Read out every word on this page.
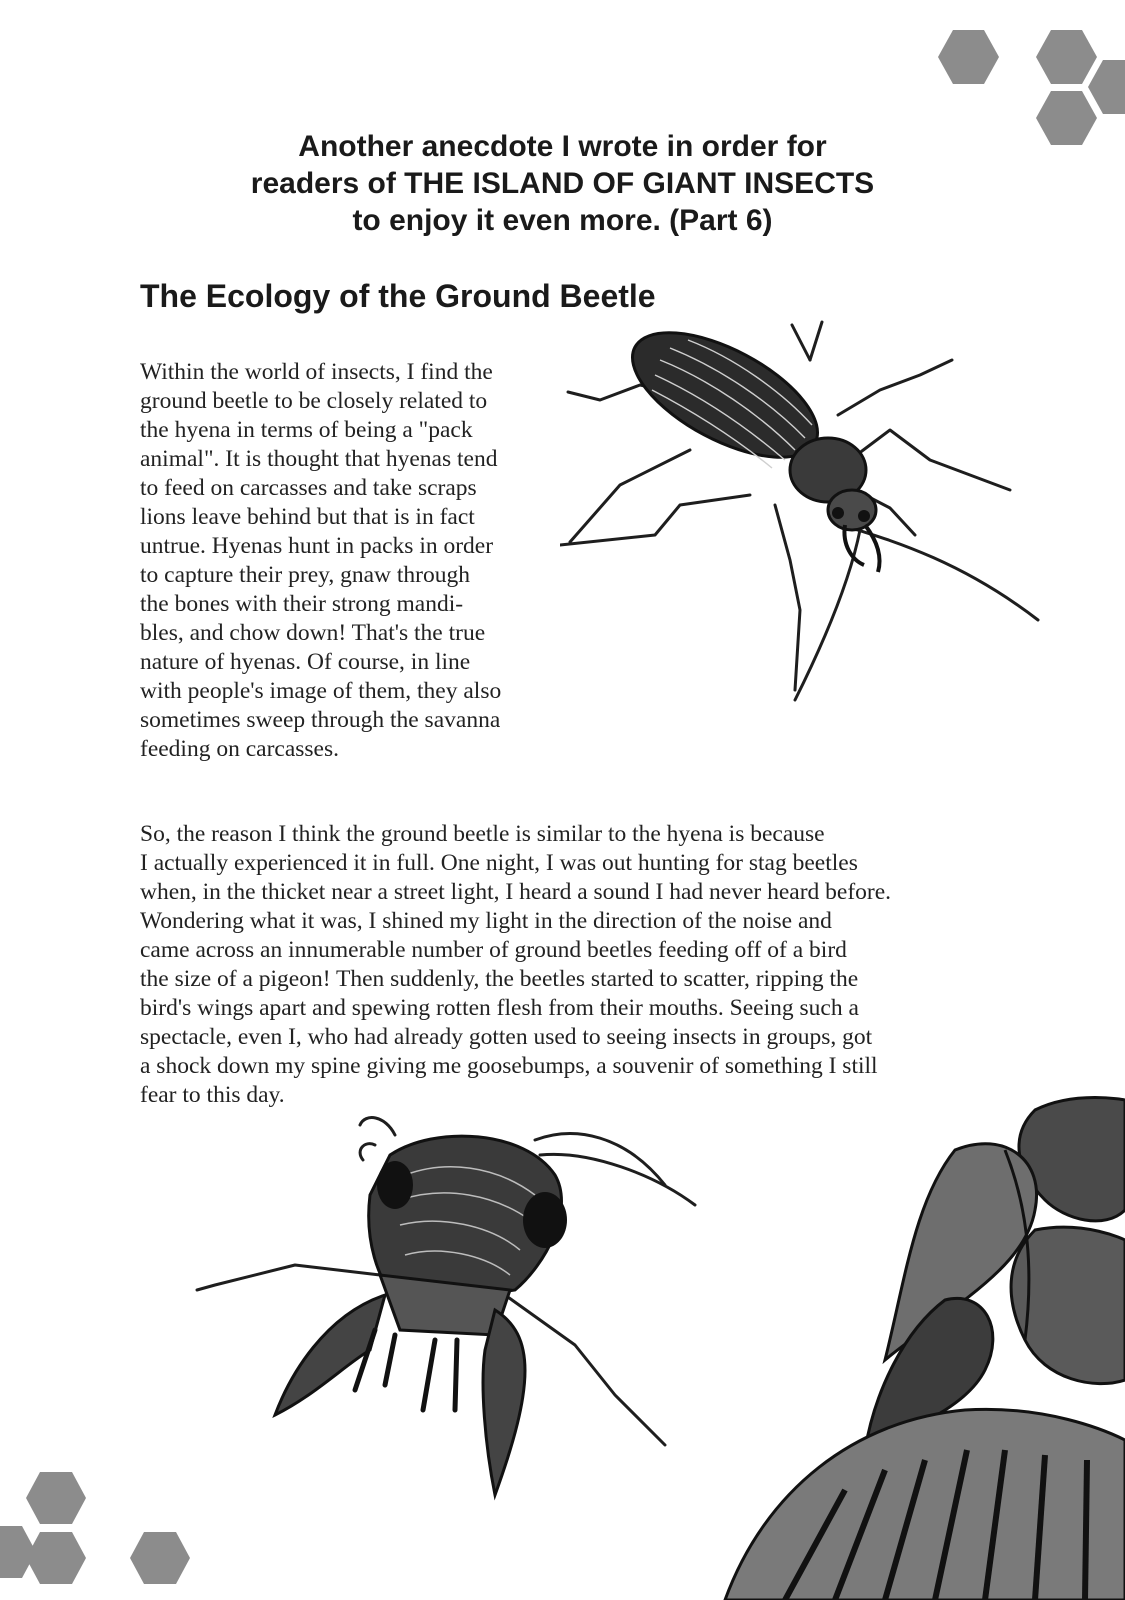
Another anecdote I wrote in order for
readers of THE ISLAND OF GIANT INSECTS
to enjoy it even more. (Part 6)
The Ecology of the Ground Beetle

Within the world of insects, I find the
ground beetle to be closely related to
the hyena in terms of being a "pack
animal". It is thought that hyenas tend
to feed on carcasses and take scraps
lions leave behind but that is in fact
untrue. Hyenas hunt in packs in order
to capture their prey, gnaw through
the bones with their strong mandi-
bles, and chow down! That's the true
nature of hyenas. Of course, in line
with people's image of them, they also
sometimes sweep through the savanna
feeding on carcasses.

So, the reason I think the ground beetle is similar to the hyena is because
I actually experienced it in full. One night, I was out hunting for stag beetles
when, in the thicket near a street light, I heard a sound I had never heard before.
Wondering what it was, I shined my light in the direction of the noise and
came across an innumerable number of ground beetles feeding off of a bird
the size of a pigeon! Then suddenly, the beetles started to scatter, ripping the
bird's wings apart and spewing rotten flesh from their mouths. Seeing such a
spectacle, even I, who had already gotten used to seeing insects in groups, got
a shock down my spine giving me goosebumps, a souvenir of something I still
fear to this day.
